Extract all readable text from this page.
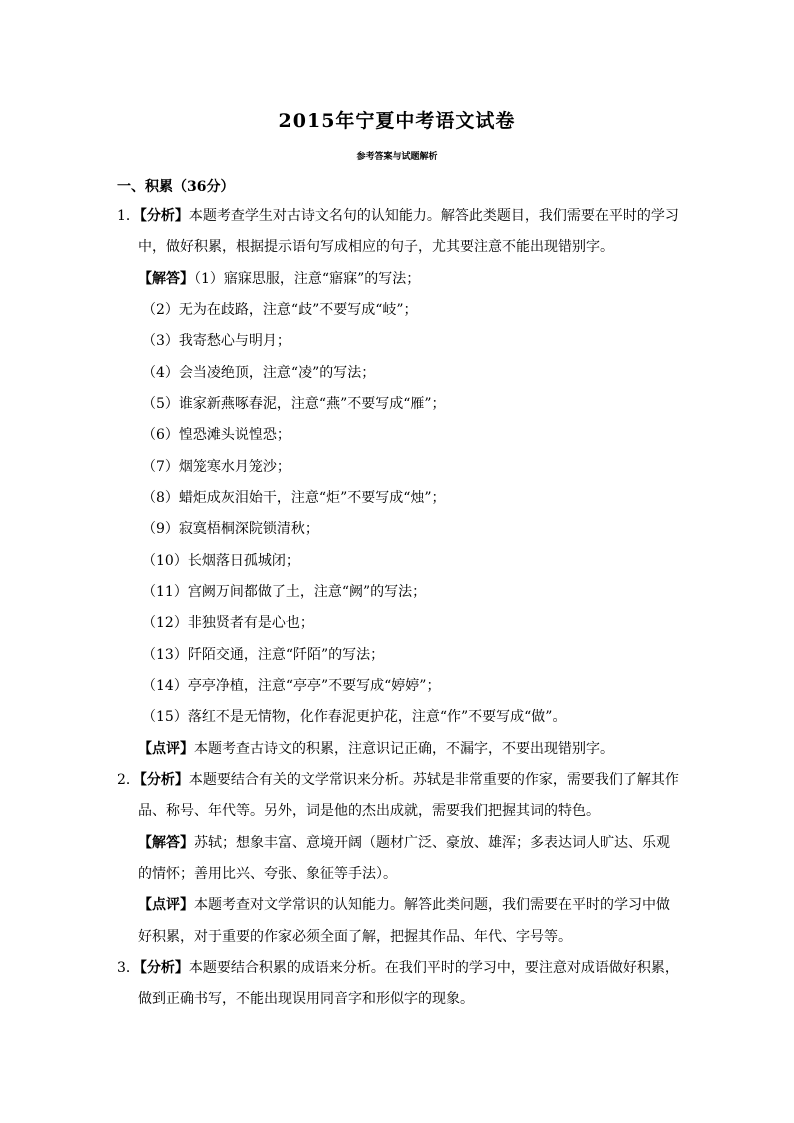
2015年宁夏中考语文试卷
参考答案与试题解析
一、积累（36分）
1．【分析】本题考查学生对古诗文名句的认知能力。解答此类题目，我们需要在平时的学习
中，做好积累，根据提示语句写成相应的句子，尤其要注意不能出现错别字。
【解答】（1）寤寐思服，注意“寤寐”的写法；
（2）无为在歧路，注意“歧”不要写成“岐”；
（3）我寄愁心与明月；
（4）会当凌绝顶，注意“凌”的写法；
（5）谁家新燕啄春泥，注意“燕”不要写成“雁”；
（6）惶恐滩头说惶恐；
（7）烟笼寒水月笼沙；
（8）蜡炬成灰泪始干，注意“炬”不要写成“烛”；
（9）寂寞梧桐深院锁清秋；
（10）长烟落日孤城闭；
（11）宫阙万间都做了土，注意“阙”的写法；
（12）非独贤者有是心也；
（13）阡陌交通，注意“阡陌”的写法；
（14）亭亭净植，注意“亭亭”不要写成“婷婷”；
（15）落红不是无情物，化作春泥更护花，注意“作”不要写成“做”。
【点评】本题考查古诗文的积累，注意识记正确，不漏字，不要出现错别字。
2．【分析】本题要结合有关的文学常识来分析。苏轼是非常重要的作家，需要我们了解其作
品、称号、年代等。另外，词是他的杰出成就，需要我们把握其词的特色。
【解答】苏轼；想象丰富、意境开阔（题材广泛、豪放、雄浑；多表达词人旷达、乐观
的情怀；善用比兴、夸张、象征等手法）。
【点评】本题考查对文学常识的认知能力。解答此类问题，我们需要在平时的学习中做
好积累，对于重要的作家必须全面了解，把握其作品、年代、字号等。
3．【分析】本题要结合积累的成语来分析。在我们平时的学习中，要注意对成语做好积累，
做到正确书写，不能出现误用同音字和形似字的现象。
